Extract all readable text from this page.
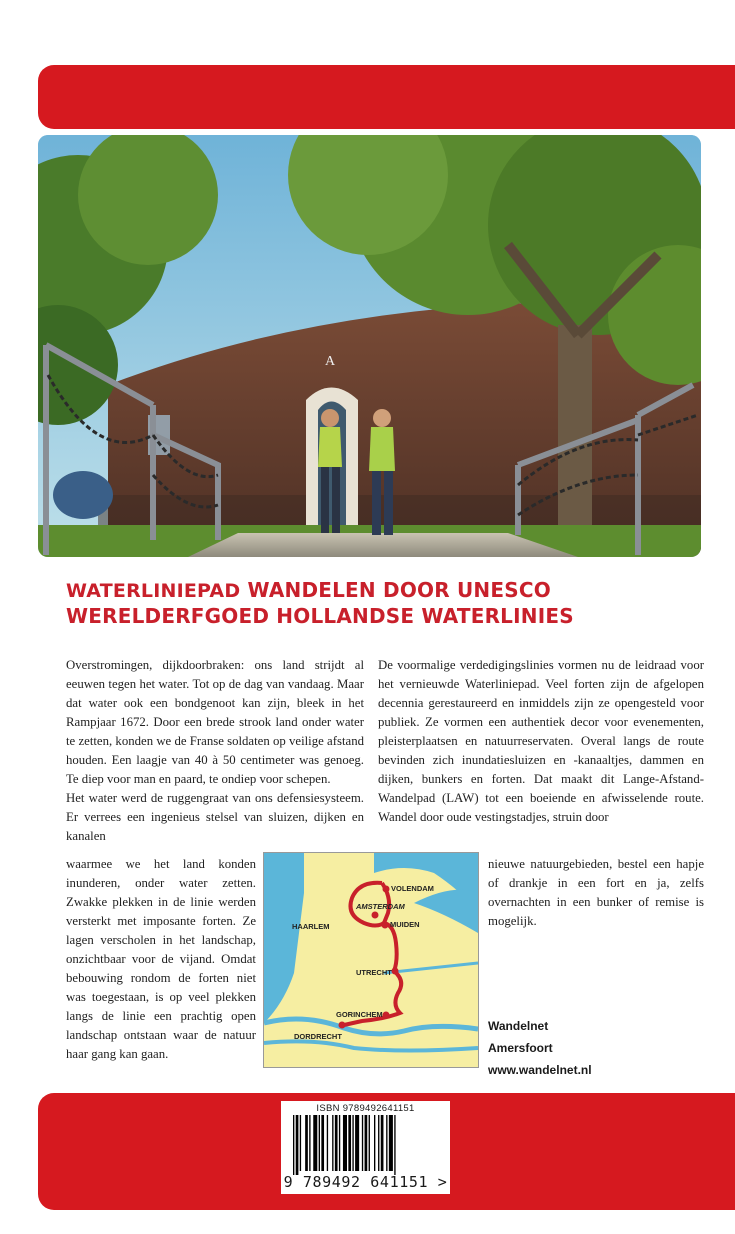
A
WATERLINIEPAD WANDELEN DOOR UNESCO
WERELDERFGOED HOLLANDSE WATERLINIES

Overstromingen, dijkdoorbraken: ons land strijdt al eeuwen tegen het water. Tot op de dag van vandaag. Maar dat water ook een bondgenoot kan zijn, bleek in het Rampjaar 1672. Door een brede strook land onder water te zetten, konden we de Franse soldaten op veilige afstand houden. Een laagje van 40 à 50 centimeter was genoeg. Te diep voor man en paard, te ondiep voor schepen.

Het water werd de ruggengraat van ons defensiesysteem. Er verrees een ingenieus stelsel van sluizen, dijken en kanalen

waarmee we het land konden inunderen, onder water zetten. Zwakke plekken in de linie werden versterkt met imposante forten. Ze lagen verscholen in het landschap, onzichtbaar voor de vijand. Omdat bebouwing rondom de forten niet was toegestaan, is op veel plekken langs de linie een prachtig open landschap ontstaan waar de natuur haar gang kan gaan.

De voormalige verdedigingslinies vormen nu de leidraad voor het vernieuwde Waterliniepad. Veel forten zijn de afgelopen decennia gerestaureerd en inmiddels zijn ze opengesteld voor publiek. Ze vormen een authentiek decor voor evenementen, pleisterplaatsen en natuurreservaten. Overal langs de route bevinden zich inundatiesluizen en -kanaaltjes, dammen en dijken, bunkers en forten. Dat maakt dit Lange-Afstand-Wandelpad (LAW) tot een boeiende en afwisselende route. Wandel door oude vestingstadjes, struin door

nieuwe natuurgebieden, bestel een hapje of drankje in een fort en ja, zelfs overnachten in een bunker of remise is mogelijk.

VOLENDAM
AMSTERDAM
HAARLEM	MUIDEN
UTRECHT
GORINCHEM
DORDRECHT
Wandelnet
Amersfoort
www.wandelnet.nl
ISBN 9789492641151
9 789492 641151 >
